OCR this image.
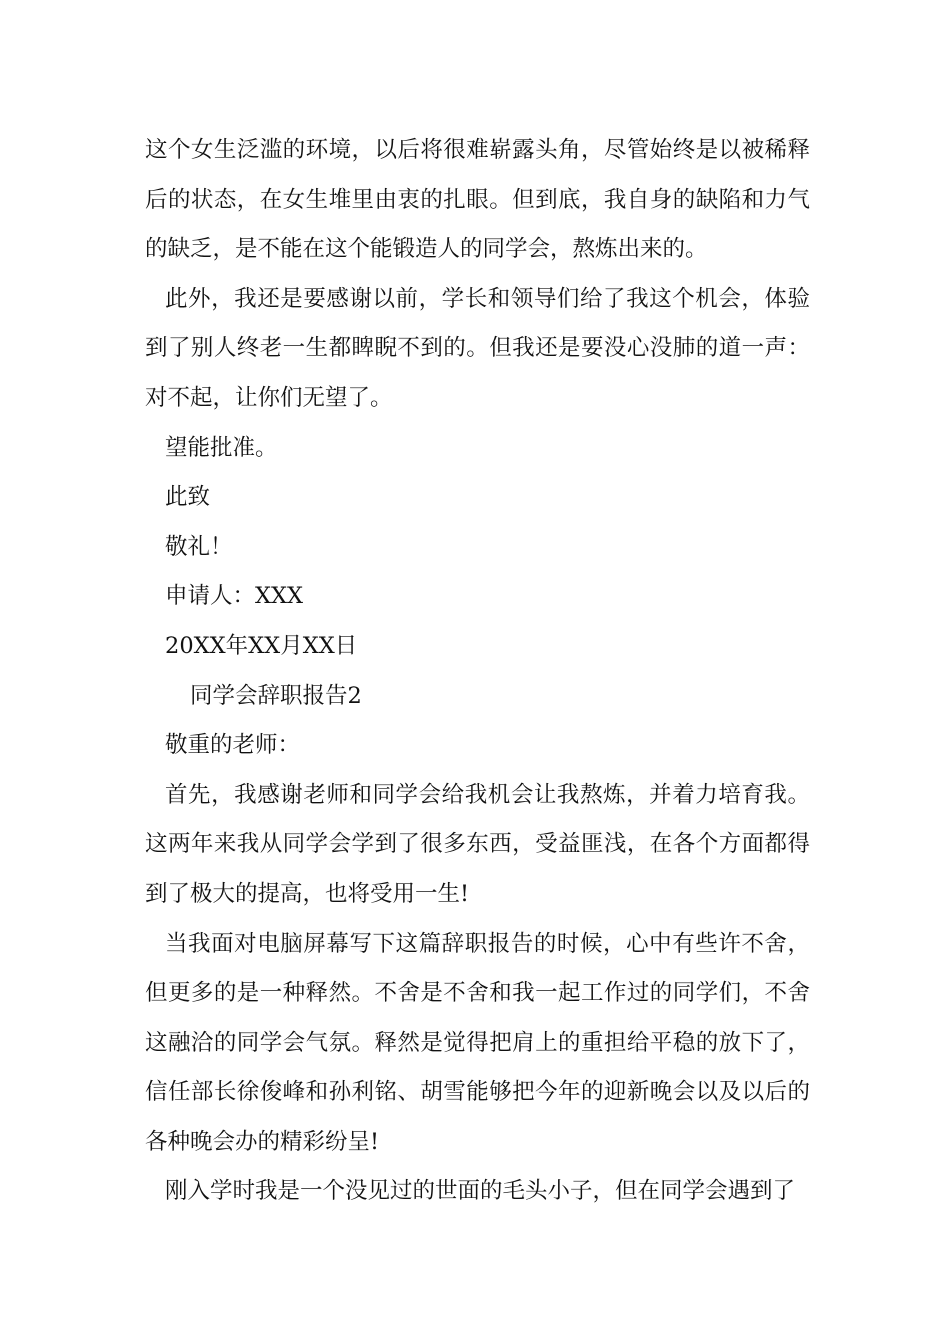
这个女生泛滥的环境，以后将很难崭露头角，尽管始终是以被稀释后的状态，在女生堆里由衷的扎眼。但到底，我自身的缺陷和力气的缺乏，是不能在这个能锻造人的同学会，熬炼出来的。

此外，我还是要感谢以前，学长和领导们给了我这个机会，体验到了别人终老一生都睥睨不到的。但我还是要没心没肺的道一声：对不起，让你们无望了。

望能批准。

此致

敬礼！

申请人：XXX

20XX年XX月XX日

同学会辞职报告2

敬重的老师：

首先，我感谢老师和同学会给我机会让我熬炼，并着力培育我。这两年来我从同学会学到了很多东西，受益匪浅，在各个方面都得到了极大的提高，也将受用一生!

当我面对电脑屏幕写下这篇辞职报告的时候，心中有些许不舍，但更多的是一种释然。不舍是不舍和我一起工作过的同学们，不舍这融洽的同学会气氛。释然是觉得把肩上的重担给平稳的放下了，信任部长徐俊峰和孙利铭、胡雪能够把今年的迎新晚会以及以后的各种晚会办的精彩纷呈!

刚入学时我是一个没见过的世面的毛头小子，但在同学会遇到了
